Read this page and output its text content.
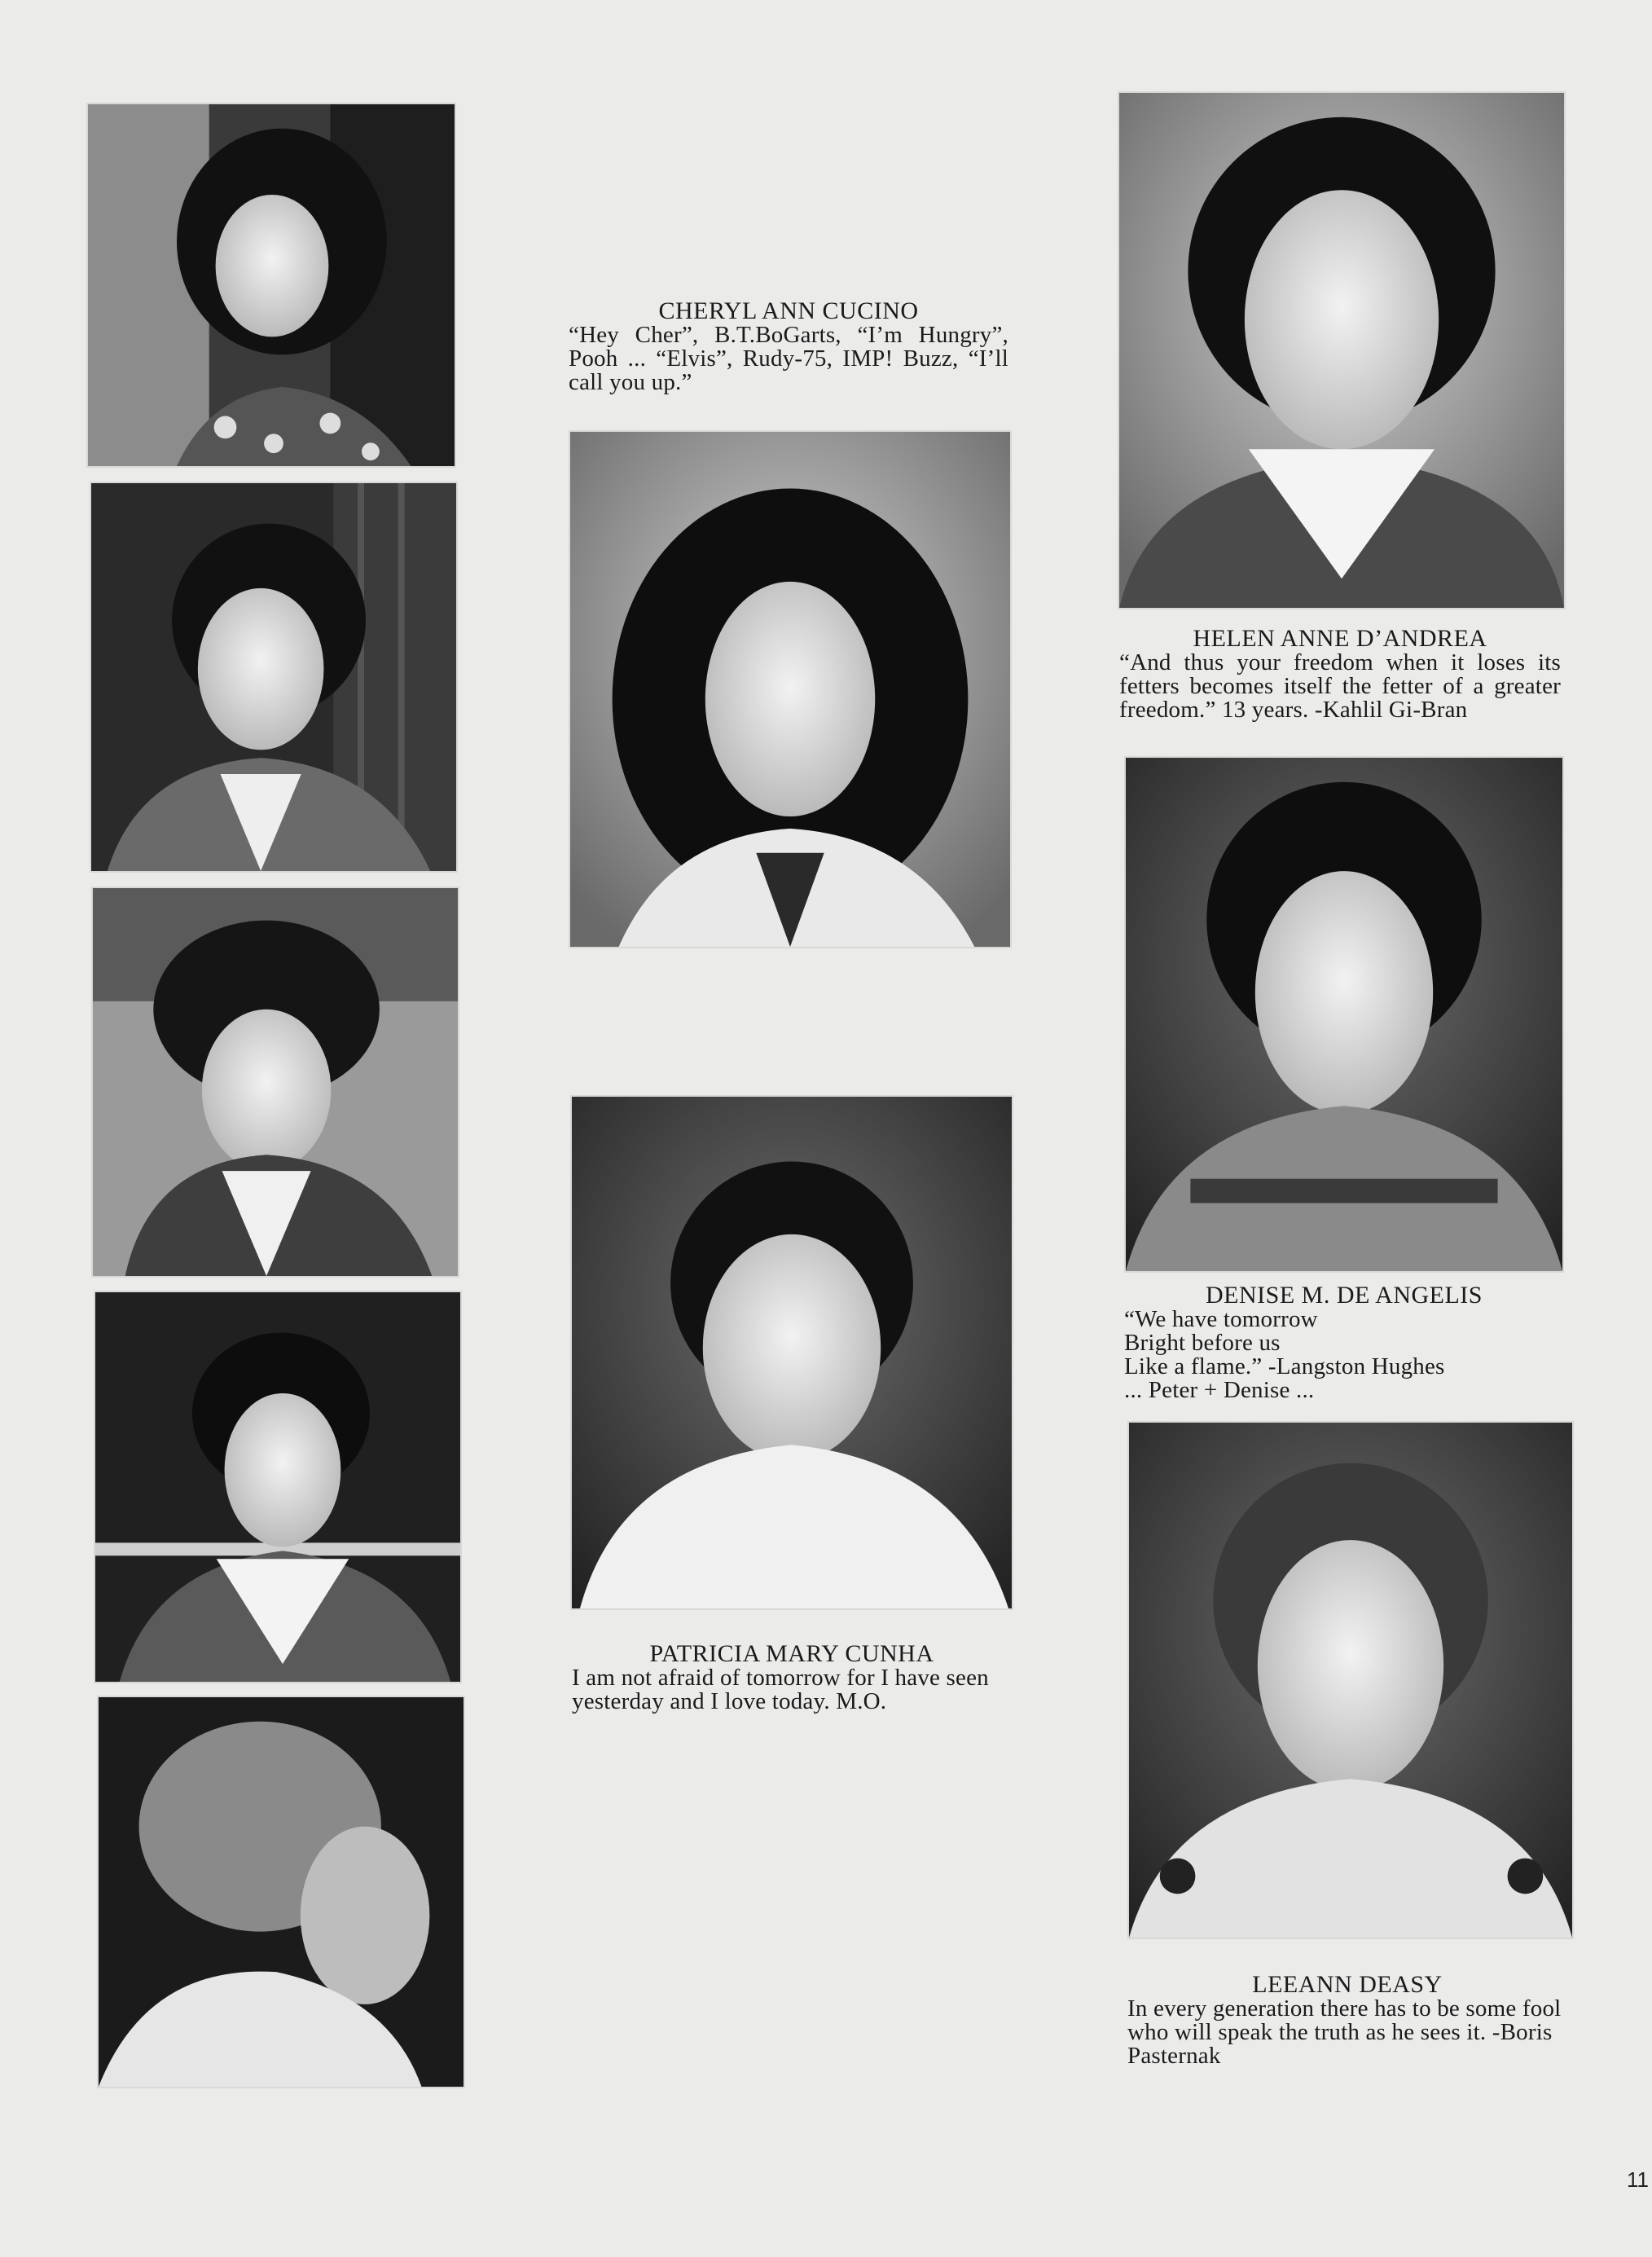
CHERYL ANN CUCINO
“Hey Cher”, B.T.BoGarts, “I’m Hungry”, Pooh ... “Elvis”, Rudy-75, IMP! Buzz, “I’ll call you up.”
PATRICIA MARY CUNHA
I am not afraid of tomorrow for I have seen yesterday and I love today. M.O.
HELEN ANNE D’ANDREA
“And thus your freedom when it loses its fetters becomes itself the fetter of a greater freedom.” 13 years. -Kahlil Gi-Bran
DENISE M. DE ANGELIS
“We have tomorrow
Bright before us
Like a flame.” -Langston Hughes
... Peter + Denise ...
LEEANN DEASY
In every generation there has to be some fool who will speak the truth as he sees it. -Boris Pasternak
11
